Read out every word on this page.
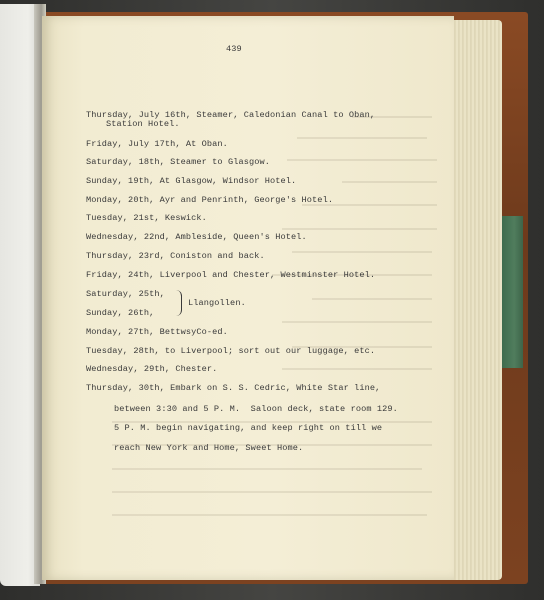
439
Thursday, July 16th, Steamer, Caledonian Canal to Oban,
Station Hotel.
Friday, July 17th, At Oban.
Saturday, 18th, Steamer to Glasgow.
Sunday, 19th, At Glasgow, Windsor Hotel.
Monday, 20th, Ayr and Penrinth, George's Hotel.
Tuesday, 21st, Keswick.
Wednesday, 22nd, Ambleside, Queen's Hotel.
Thursday, 23rd, Coniston and back.
Friday, 24th, Liverpool and Chester, Westminster Hotel.
Saturday, 25th,
Llangollen.
Sunday, 26th,
Monday, 27th, BettwsyCo-ed.
Tuesday, 28th, to Liverpool; sort out our luggage, etc.
Wednesday, 29th, Chester.
Thursday, 30th, Embark on S. S. Cedric, White Star line,
between 3:30 and 5 P. M.  Saloon deck, state room 129.
5 P. M. begin navigating, and keep right on till we
reach New York and Home, Sweet Home.
